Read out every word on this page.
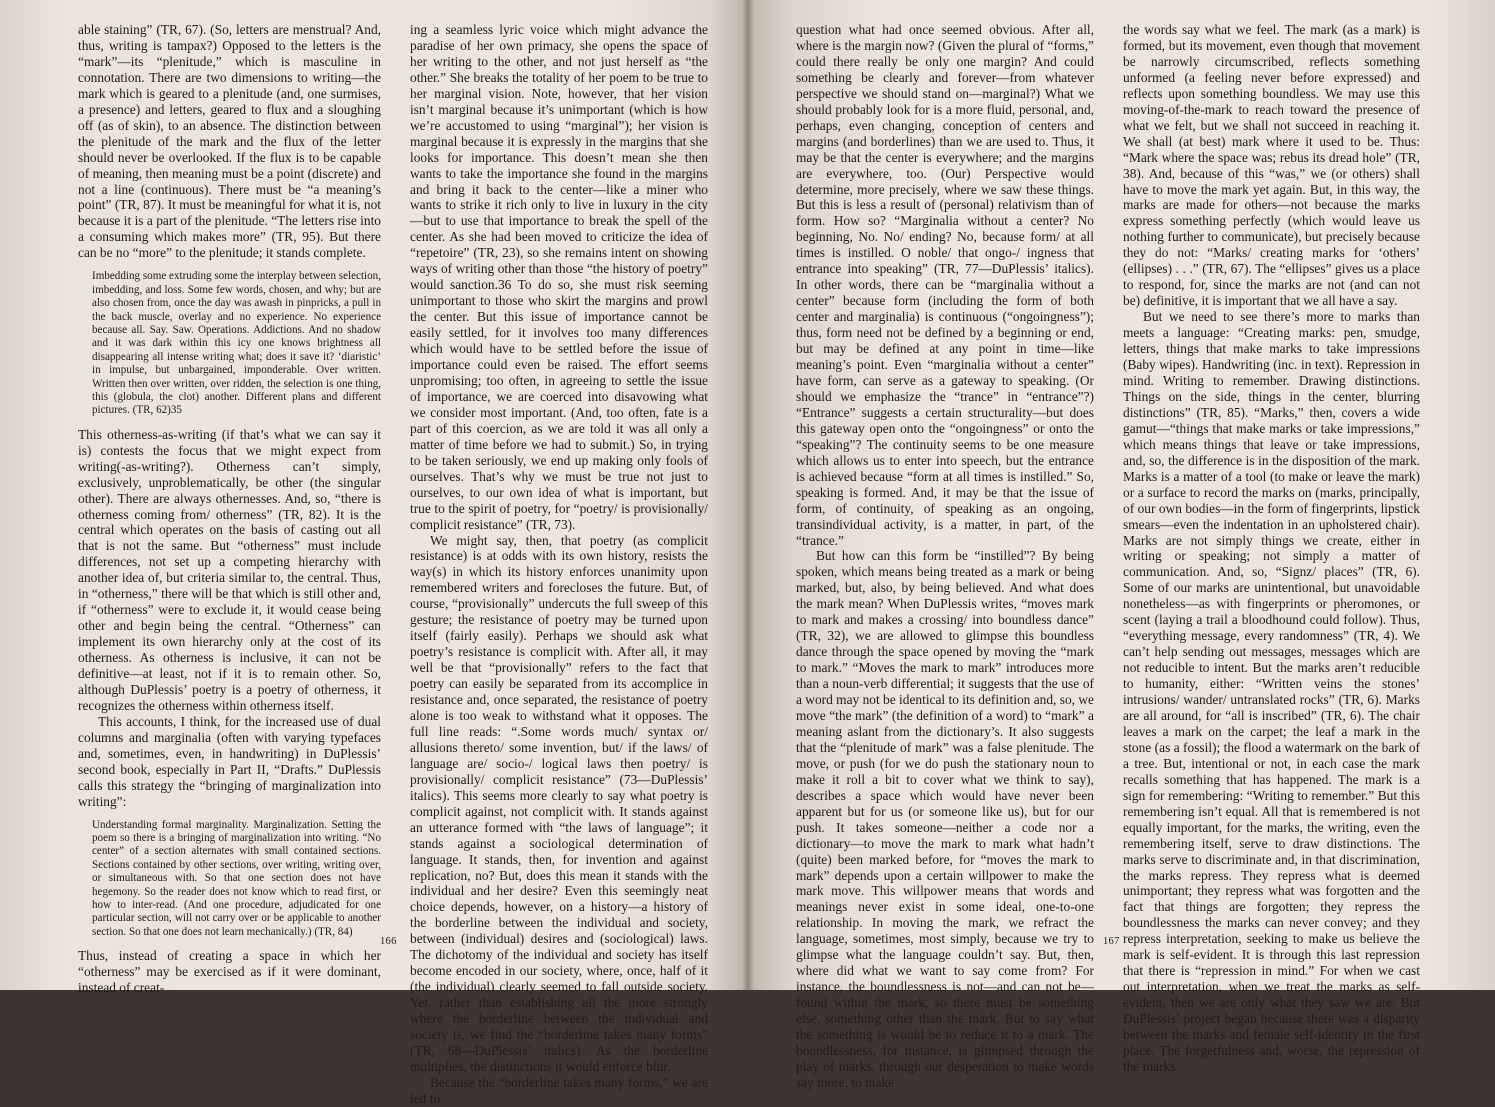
able staining” (TR, 67). (So, letters are menstrual? And, thus, writing is tampax?) Opposed to the letters is the “mark”—its “plenitude,” which is masculine in connotation. There are two dimensions to writing—the mark which is geared to a plenitude (and, one surmises, a presence) and letters, geared to flux and a sloughing off (as of skin), to an absence. The distinction between the plenitude of the mark and the flux of the letter should never be overlooked. If the flux is to be capable of meaning, then meaning must be a point (discrete) and not a line (continuous). There must be “a meaning’s point” (TR, 87). It must be meaningful for what it is, not because it is a part of the plenitude. “The letters rise into a consuming which makes more” (TR, 95). But there can be no “more” to the plenitude; it stands complete.

Imbedding some extruding some the interplay between selection, imbedding, and loss. Some few words, chosen, and why; but are also chosen from, once the day was awash in pinpricks, a pull in the back muscle, overlay and no experience. No experience because all. Say. Saw. Operations. Addictions. And no shadow and it was dark within this icy one knows brightness all disappearing all intense writing what; does it save it? ‘diaristic’ in impulse, but unbargained, imponderable. Over written. Written then over written, over ridden, the selection is one thing, this (globula, the clot) another. Different plans and different pictures. (TR, 62)35

This otherness-as-writing (if that’s what we can say it is) contests the focus that we might expect from writing(-as-writing?). Otherness can’t simply, exclusively, unproblematically, be other (the singular other). There are always othernesses. And, so, “there is otherness coming from/ otherness” (TR, 82). It is the central which operates on the basis of casting out all that is not the same. But “otherness” must include differences, not set up a competing hierarchy with another idea of, but criteria similar to, the central. Thus, in “otherness,” there will be that which is still other and, if “otherness” were to exclude it, it would cease being other and begin being the central. “Otherness” can implement its own hierarchy only at the cost of its otherness. As otherness is inclusive, it can not be definitive—at least, not if it is to remain other. So, although DuPlessis’ poetry is a poetry of otherness, it recognizes the otherness within otherness itself.

This accounts, I think, for the increased use of dual columns and marginalia (often with varying typefaces and, sometimes, even, in handwriting) in DuPlessis’ second book, especially in Part II, “Drafts.” DuPlessis calls this strategy the “bringing of marginalization into writing”:

Understanding formal marginality. Marginalization. Setting the poem so there is a bringing of marginalization into writing. “No center” of a section alternates with small contained sections. Sections contained by other sections, over writing, writing over, or simultaneous with. So that one section does not have hegemony. So the reader does not know which to read first, or how to inter-read. (And one procedure, adjudicated for one particular section, will not carry over or be applicable to another section. So that one does not learn mechanically.) (TR, 84)

Thus, instead of creating a space in which her “otherness” may be exercised as if it were dominant, instead of creat-

ing a seamless lyric voice which might advance the paradise of her own primacy, she opens the space of her writing to the other, and not just herself as “the other.” She breaks the totality of her poem to be true to her marginal vision. Note, however, that her vision isn’t marginal because it’s unimportant (which is how we’re accustomed to using “marginal”); her vision is marginal because it is expressly in the margins that she looks for importance. This doesn’t mean she then wants to take the importance she found in the margins and bring it back to the center—like a miner who wants to strike it rich only to live in luxury in the city—but to use that importance to break the spell of the center. As she had been moved to criticize the idea of “repetoire” (TR, 23), so she remains intent on showing ways of writing other than those “the history of poetry” would sanction.36 To do so, she must risk seeming unimportant to those who skirt the margins and prowl the center. But this issue of importance cannot be easily settled, for it involves too many differences which would have to be settled before the issue of importance could even be raised. The effort seems unpromising; too often, in agreeing to settle the issue of importance, we are coerced into disavowing what we consider most important. (And, too often, fate is a part of this coercion, as we are told it was all only a matter of time before we had to submit.) So, in trying to be taken seriously, we end up making only fools of ourselves. That’s why we must be true not just to ourselves, to our own idea of what is important, but true to the spirit of poetry, for “poetry/ is provisionally/ complicit resistance” (TR, 73).

We might say, then, that poetry (as complicit resistance) is at odds with its own history, resists the way(s) in which its history enforces unanimity upon remembered writers and forecloses the future. But, of course, “provisionally” undercuts the full sweep of this gesture; the resistance of poetry may be turned upon itself (fairly easily). Perhaps we should ask what poetry’s resistance is complicit with. After all, it may well be that “provisionally” refers to the fact that poetry can easily be separated from its accomplice in resistance and, once separated, the resistance of poetry alone is too weak to withstand what it opposes. The full line reads: “.Some words much/ syntax or/ allusions thereto/ some invention, but/ if the laws/ of language are/ socio-/ logical laws then poetry/ is provisionally/ complicit resistance” (73—DuPlessis’ italics). This seems more clearly to say what poetry is complicit against, not complicit with. It stands against an utterance formed with “the laws of language”; it stands against a sociological determination of language. It stands, then, for invention and against replication, no? But, does this mean it stands with the individual and her desire? Even this seemingly neat choice depends, however, on a history—a history of the borderline between the individual and society, between (individual) desires and (sociological) laws. The dichotomy of the individual and society has itself become encoded in our society, where, once, half of it (the individual) clearly seemed to fall outside society. Yet, rather than establishing all the more strongly where the borderline between the individual and society is, we find the “borderline takes many forms” (TR, 68—DuPlessis’ italics). As the borderline multiplies, the distinctions it would enforce blur.

Because the “borderline takes many forms,” we are led to

166

question what had once seemed obvious. After all, where is the margin now? (Given the plural of “forms,” could there really be only one margin? And could something be clearly and forever—from whatever perspective we should stand on—marginal?) What we should probably look for is a more fluid, personal, and, perhaps, even changing, conception of centers and margins (and borderlines) than we are used to. Thus, it may be that the center is everywhere; and the margins are everywhere, too. (Our) Perspective would determine, more precisely, where we saw these things. But this is less a result of (personal) relativism than of form. How so? “Marginalia without a center? No beginning, No. No/ ending? No, because form/ at all times is instilled. O noble/ that ongo-/ ingness that entrance into speaking” (TR, 77—DuPlessis’ italics). In other words, there can be “marginalia without a center” because form (including the form of both center and marginalia) is continuous (“ongoingness”); thus, form need not be defined by a beginning or end, but may be defined at any point in time—like meaning’s point. Even “marginalia without a center” have form, can serve as a gateway to speaking. (Or should we emphasize the “trance” in “entrance”?) “Entrance” suggests a certain structurality—but does this gateway open onto the “ongoingness” or onto the “speaking”? The continuity seems to be one measure which allows us to enter into speech, but the entrance is achieved because “form at all times is instilled.” So, speaking is formed. And, it may be that the issue of form, of continuity, of speaking as an ongoing, transindividual activity, is a matter, in part, of the “trance.”

But how can this form be “instilled”? By being spoken, which means being treated as a mark or being marked, but, also, by being believed. And what does the mark mean? When DuPlessis writes, “moves mark to mark and makes a crossing/ into boundless dance” (TR, 32), we are allowed to glimpse this boundless dance through the space opened by moving the “mark to mark.” “Moves the mark to mark” introduces more than a noun-verb differential; it suggests that the use of a word may not be identical to its definition and, so, we move “the mark” (the definition of a word) to “mark” a meaning aslant from the dictionary’s. It also suggests that the “plenitude of mark” was a false plenitude. The move, or push (for we do push the stationary noun to make it roll a bit to cover what we think to say), describes a space which would have never been apparent but for us (or someone like us), but for our push. It takes someone—neither a code nor a dictionary—to move the mark to mark what hadn’t (quite) been marked before, for “moves the mark to mark” depends upon a certain willpower to make the mark move. This willpower means that words and meanings never exist in some ideal, one-to-one relationship. In moving the mark, we refract the language, sometimes, most simply, because we try to glimpse what the language couldn’t say. But, then, where did what we want to say come from? For instance, the boundlessness is not—and can not be—found within the mark, so there must be something else, something other than the mark. But to say what the something is would be to reduce it to a mark. The boundlessness, for instance, is glimpsed through the play of marks, through our desperation to make words say more, to make

the words say what we feel. The mark (as a mark) is formed, but its movement, even though that movement be narrowly circumscribed, reflects something unformed (a feeling never before expressed) and reflects upon something boundless. We may use this moving-of-the-mark to reach toward the presence of what we felt, but we shall not succeed in reaching it. We shall (at best) mark where it used to be. Thus: “Mark where the space was; rebus its dread hole” (TR, 38). And, because of this “was,” we (or others) shall have to move the mark yet again. But, in this way, the marks are made for others—not because the marks express something perfectly (which would leave us nothing further to communicate), but precisely because they do not: “Marks/ creating marks for ‘others’ (ellipses) . . .” (TR, 67). The “ellipses” gives us a place to respond, for, since the marks are not (and can not be) definitive, it is important that we all have a say.

But we need to see there’s more to marks than meets a language: “Creating marks: pen, smudge, letters, things that make marks to take impressions (Baby wipes). Handwriting (inc. in text). Repression in mind. Writing to remember. Drawing distinctions. Things on the side, things in the center, blurring distinctions” (TR, 85). “Marks,” then, covers a wide gamut—“things that make marks or take impressions,” which means things that leave or take impressions, and, so, the difference is in the disposition of the mark. Marks is a matter of a tool (to make or leave the mark) or a surface to record the marks on (marks, principally, of our own bodies—in the form of fingerprints, lipstick smears—even the indentation in an upholstered chair). Marks are not simply things we create, either in writing or speaking; not simply a matter of communication. And, so, “Signz/ places” (TR, 6). Some of our marks are unintentional, but unavoidable nonetheless—as with fingerprints or pheromones, or scent (laying a trail a bloodhound could follow). Thus, “everything message, every randomness” (TR, 4). We can’t help sending out messages, messages which are not reducible to intent. But the marks aren’t reducible to humanity, either: “Written veins the stones’ intrusions/ wander/ untranslated rocks” (TR, 6). Marks are all around, for “all is inscribed” (TR, 6). The chair leaves a mark on the carpet; the leaf a mark in the stone (as a fossil); the flood a watermark on the bark of a tree. But, intentional or not, in each case the mark recalls something that has happened. The mark is a sign for remembering: “Writing to remember.” But this remembering isn’t equal. All that is remembered is not equally important, for the marks, the writing, even the remembering itself, serve to draw distinctions. The marks serve to discriminate and, in that discrimination, the marks repress. They repress what is deemed unimportant; they repress what was forgotten and the fact that things are forgotten; they repress the boundlessness the marks can never convey; and they repress interpretation, seeking to make us believe the mark is self-evident. It is through this last repression that there is “repression in mind.” For when we cast out interpretation, when we treat the marks as self-evident, then we are only what they saw we are. But DuPlessis’ project began because there was a disparity between the marks and female self-identity in the first place. The forgetfulness and, worse, the repression of the marks

167
